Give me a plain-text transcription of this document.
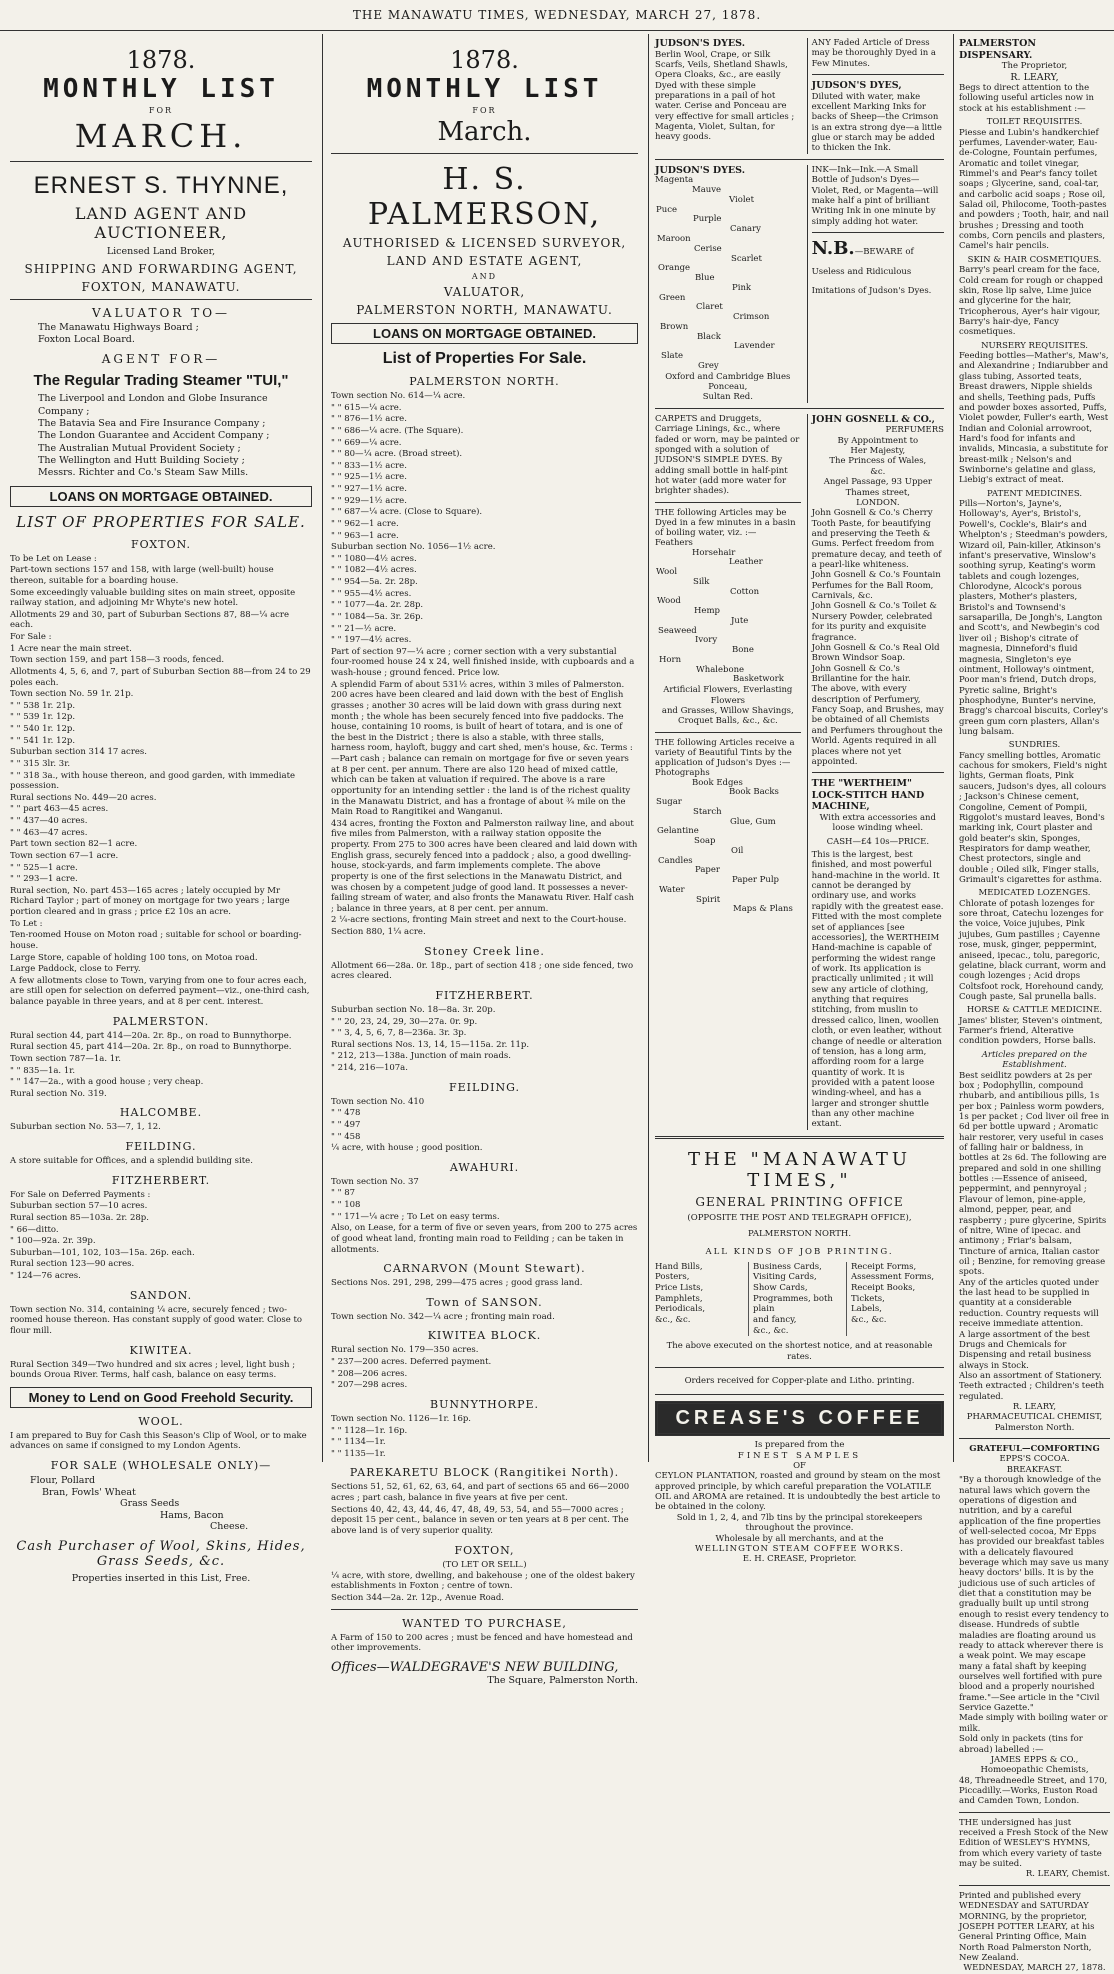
THE MANAWATU TIMES, WEDNESDAY, MARCH 27, 1878.
1878.
MONTHLY LIST
FOR
MARCH.
ERNEST S. THYNNE,
LAND AGENT AND AUCTIONEER,
Licensed Land Broker,
SHIPPING AND FORWARDING AGENT,
FOXTON, MANAWATU.
VALUATOR TO—
The Manawatu Highways Board ;
Foxton Local Board.
AGENT FOR—
The Regular Trading Steamer "TUI,"
The Liverpool and London and Globe Insurance Company ;
The Batavia Sea and Fire Insurance Company ;
The London Guarantee and Accident Company ;
The Australian Mutual Provident Society ;
The Wellington and Hutt Building Society ;
Messrs. Richter and Co.'s Steam Saw Mills.
LOANS ON MORTGAGE OBTAINED.
LIST OF PROPERTIES FOR SALE.
FOXTON.
To be Let on Lease :
Part-town sections 157 and 158, with large (well-built) house thereon, suitable for a boarding house.
Some exceedingly valuable building sites on main street, opposite railway station, and adjoining Mr Whyte's new hotel.
Allotments 29 and 30, part of Suburban Sections 87, 88—¼ acre each.
For Sale :
1 Acre near the main street.
Town section 159, and part 158—3 roods, fenced.
Allotments 4, 5, 6, and 7, part of Suburban Section 88—from 24 to 29 poles each.
Town section No. 59 1r. 21p.
" " 538 1r. 21p.
" " 539 1r. 12p.
" " 540 1r. 12p.
" " 541 1r. 12p.
Suburban section 314 17 acres.
" " 315 3lr. 3r.
" " 318 3a., with house thereon, and good garden, with immediate possession.
Rural sections No. 449—20 acres.
" " part 463—45 acres.
" " 437—40 acres.
" " 463—47 acres.
Part town section 82—1 acre.
Town section 67—1 acre.
" " 525—1 acre.
" " 293—1 acre.
Rural section, No. part 453—165 acres ; lately occupied by Mr Richard Taylor ; part of money on mortgage for two years ; large portion cleared and in grass ; price £2 10s an acre.
To Let :
Ten-roomed House on Moton road ; suitable for school or boarding-house.
Large Store, capable of holding 100 tons, on Motoa road.
Large Paddock, close to Ferry.
A few allotments close to Town, varying from one to four acres each, are still open for selection on deferred payment—viz., one-third cash, balance payable in three years, and at 8 per cent. interest.
PALMERSTON.
Rural section 44, part 414—20a. 2r. 8p., on road to Bunnythorpe.
Rural section 45, part 414—20a. 2r. 8p., on road to Bunnythorpe.
Town section 787—1a. 1r.
" " 835—1a. 1r.
" " 147—2a., with a good house ; very cheap.
Rural section No. 319.
HALCOMBE.
Suburban section No. 53—7, 1, 12.
FEILDING.
A store suitable for Offices, and a splendid building site.
FITZHERBERT.
For Sale on Deferred Payments :
Suburban section 57—10 acres.
Rural section 85—103a. 2r. 28p.
" 66—ditto.
" 100—92a. 2r. 39p.
Suburban—101, 102, 103—15a. 26p. each.
Rural section 123—90 acres.
" 124—76 acres.
SANDON.
Town section No. 314, containing ¼ acre, securely fenced ; two-roomed house thereon. Has constant supply of good water. Close to flour mill.
KIWITEA.
Rural Section 349—Two hundred and six acres ; level, light bush ; bounds Oroua River. Terms, half cash, balance on easy terms.
Money to Lend on Good Freehold Security.
WOOL.
I am prepared to Buy for Cash this Season's Clip of Wool, or to make advances on same if consigned to my London Agents.
FOR SALE (WHOLESALE ONLY)—
Flour, Pollard
Bran, Fowls' Wheat
Grass Seeds
Hams, Bacon
Cheese.
Cash Purchaser of Wool, Skins, Hides, Grass Seeds, &c.
Properties inserted in this List, Free.
1878.
MONTHLY LIST
FOR
March.
H. S. PALMERSON,
AUTHORISED & LICENSED SURVEYOR,
LAND AND ESTATE AGENT,
AND
VALUATOR,
PALMERSTON NORTH, MANAWATU.
LOANS ON MORTGAGE OBTAINED.
List of Properties For Sale.
PALMERSTON NORTH.
Town section No. 614—¼ acre.
" " 615—¼ acre.
" " 876—1½ acre.
" " 686—¼ acre. (The Square).
" " 669—¼ acre.
" " 80—¼ acre. (Broad street).
" " 833—1½ acre.
" " 925—1½ acre.
" " 927—1½ acre.
" " 929—1½ acre.
" " 687—¼ acre. (Close to Square).
" " 962—1 acre.
" " 963—1 acre.
Suburban section No. 1056—1½ acre.
" " 1080—4½ acres.
" " 1082—4½ acres.
" " 954—5a. 2r. 28p.
" " 955—4½ acres.
" " 1077—4a. 2r. 28p.
" " 1084—5a. 3r. 26p.
" " 21—½ acre.
" " 197—4½ acres.
Part of section 97—¼ acre ; corner section with a very substantial four-roomed house 24 x 24, well finished inside, with cupboards and a wash-house ; ground fenced. Price low.
A splendid Farm of about 531½ acres, within 3 miles of Palmerston. 200 acres have been cleared and laid down with the best of English grasses ; another 30 acres will be laid down with grass during next month ; the whole has been securely fenced into five paddocks. The house, containing 10 rooms, is built of heart of totara, and is one of the best in the District ; there is also a stable, with three stalls, harness room, hayloft, buggy and cart shed, men's house, &c. Terms :—Part cash ; balance can remain on mortgage for five or seven years at 8 per cent. per annum. There are also 120 head of mixed cattle, which can be taken at valuation if required. The above is a rare opportunity for an intending settler : the land is of the richest quality in the Manawatu District, and has a frontage of about ¾ mile on the Main Road to Rangitikei and Wanganui.
434 acres, fronting the Foxton and Palmerston railway line, and about five miles from Palmerston, with a railway station opposite the property. From 275 to 300 acres have been cleared and laid down with English grass, securely fenced into a paddock ; also, a good dwelling-house, stock-yards, and farm implements complete. The above property is one of the first selections in the Manawatu District, and was chosen by a competent judge of good land. It possesses a never-failing stream of water, and also fronts the Manawatu River. Half cash ; balance in three years, at 8 per cent. per annum.
2 ¼-acre sections, fronting Main street and next to the Court-house.
Section 880, 1¼ acre.
Stoney Creek line.
Allotment 66—28a. 0r. 18p., part of section 418 ; one side fenced, two acres cleared.
FITZHERBERT.
Suburban section No. 18—8a. 3r. 20p.
" " 20, 23, 24, 29, 30—27a. 0r. 9p.
" " 3, 4, 5, 6, 7, 8—236a. 3r. 3p.
Rural sections Nos. 13, 14, 15—115a. 2r. 11p.
" 212, 213—138a. Junction of main roads.
" 214, 216—107a.
FEILDING.
Town section No. 410
" " 478
" " 497
" " 458
¼ acre, with house ; good position.
AWAHURI.
Town section No. 37
" " 87
" " 108
" " 171—¼ acre ; To Let on easy terms.
Also, on Lease, for a term of five or seven years, from 200 to 275 acres of good wheat land, fronting main road to Feilding ; can be taken in allotments.
CARNARVON (Mount Stewart).
Sections Nos. 291, 298, 299—475 acres ; good grass land.
Town of SANSON.
Town section No. 342—¼ acre ; fronting main road.
KIWITEA BLOCK.
Rural section No. 179—350 acres.
" 237—200 acres. Deferred payment.
" 208—206 acres.
" 207—298 acres.
BUNNYTHORPE.
Town section No. 1126—1r. 16p.
" " 1128—1r. 16p.
" " 1134—1r.
" " 1135—1r.
PAREKARETU BLOCK (Rangitikei North).
Sections 51, 52, 61, 62, 63, 64, and part of sections 65 and 66—2000 acres ; part cash, balance in five years at five per cent.
Sections 40, 42, 43, 44, 46, 47, 48, 49, 53, 54, and 55—7000 acres ; deposit 15 per cent., balance in seven or ten years at 8 per cent. The above land is of very superior quality.
FOXTON,
(TO LET OR SELL.)
¼ acre, with store, dwelling, and bakehouse ; one of the oldest bakery establishments in Foxton ; centre of town.
Section 344—2a. 2r. 12p., Avenue Road.
WANTED TO PURCHASE,
A Farm of 150 to 200 acres ; must be fenced and have homestead and other improvements.
Offices—WALDEGRAVE'S NEW BUILDING,
The Square, Palmerston North.
JUDSON'S DYES.
Berlin Wool, Crape, or Silk Scarfs, Veils, Shetland Shawls, Opera Cloaks, &c., are easily Dyed with these simple preparations in a pail of hot water. Cerise and Ponceau are very effective for small articles ; Magenta, Violet, Sultan, for heavy goods.
ANY Faded Article of Dress may be thoroughly Dyed in a Few Minutes.
JUDSON'S DYES,
Diluted with water, make excellent Marking Inks for backs of Sheep—the Crimson is an extra strong dye—a little glue or starch may be added to thicken the Ink.
JUDSON'S DYES.
Magenta
Mauve
Violet
Puce
Purple
Canary
Maroon
Cerise
Scarlet
Orange
Blue
Pink
Green
Claret
Crimson
Brown
Black
Lavender
Slate
Grey
Oxford and Cambridge Blues Ponceau,
Sultan Red.
INK—Ink—Ink.—A Small Bottle of Judson's Dyes—Violet, Red, or Magenta—will make half a pint of brilliant Writing Ink in one minute by simply adding hot water.
N.B.—BEWARE of Useless and Ridiculous Imitations of Judson's Dyes.
CARPETS and Druggets, Carriage Linings, &c., where faded or worn, may be painted or sponged with a solution of JUDSON'S SIMPLE DYES. By adding small bottle in half-pint hot water (add more water for brighter shades).
THE following Articles may be Dyed in a few minutes in a basin of boiling water, viz. :—
Feathers
Horsehair
Leather
Wool
Silk
Cotton
Wood
Hemp
Jute
Seaweed
Ivory
Bone
Horn
Whalebone
Basketwork
Artificial Flowers, Everlasting Flowers
and Grasses, Willow Shavings,
Croquet Balls, &c., &c.
THE following Articles receive a variety of Beautiful Tints by the application of Judson's Dyes :—
Photographs
Book Edges
Book Backs
Sugar
Starch
Glue, Gum
Gelantine
Soap
Oil
Candles
Paper
Paper Pulp
Water
Spirit
Maps & Plans
JOHN GOSNELL & CO.,
PERFUMERS
By Appointment to
Her Majesty,
The Princess of Wales,
&c.
Angel Passage, 93 Upper Thames street,
LONDON.
John Gosnell & Co.'s Cherry Tooth Paste, for beautifying and preserving the Teeth & Gums. Perfect freedom from premature decay, and teeth of a pearl-like whiteness.
John Gosnell & Co.'s Fountain Perfumes for the Ball Room, Carnivals, &c.
John Gosnell & Co.'s Toilet & Nursery Powder, celebrated for its purity and exquisite fragrance.
John Gosnell & Co.'s Real Old Brown Windsor Soap.
John Gosnell & Co.'s Brillantine for the hair.
The above, with every description of Perfumery, Fancy Soap, and Brushes, may be obtained of all Chemists and Perfumers throughout the World. Agents required in all places where not yet appointed.
THE "WERTHEIM" LOCK-STITCH HAND MACHINE,
With extra accessories and loose winding wheel.
CASH—£4 10s—PRICE.
This is the largest, best finished, and most powerful hand-machine in the world. It cannot be deranged by ordinary use, and works rapidly with the greatest ease. Fitted with the most complete set of appliances [see accessories], the WERTHEIM Hand-machine is capable of performing the widest range of work. Its application is practically unlimited ; it will sew any article of clothing, anything that requires stitching, from muslin to dressed calico, linen, woollen cloth, or even leather, without change of needle or alteration of tension, has a long arm, affording room for a large quantity of work. It is provided with a patent loose winding-wheel, and has a larger and stronger shuttle than any other machine extant.
THE "MANAWATU TIMES,"
GENERAL PRINTING OFFICE
(OPPOSITE THE POST AND TELEGRAPH OFFICE),
PALMERSTON NORTH.
ALL KINDS OF JOB PRINTING.
Hand Bills,
Posters,
Price Lists,
Pamphlets,
Periodicals,
&c., &c.
Business Cards,
Visiting Cards,
Show Cards,
Programmes, both plain
and fancy,
&c., &c.
Receipt Forms,
Assessment Forms,
Receipt Books,
Tickets,
Labels,
&c., &c.
The above executed on the shortest notice, and at reasonable rates.
Orders received for Copper-plate and Litho. printing.
CREASE'S COFFEE
Is prepared from the
FINEST SAMPLES
OF
CEYLON PLANTATION, roasted and ground by steam on the most approved principle, by which careful preparation the VOLATILE OIL and AROMA are retained. It is undoubtedly the best article to be obtained in the colony.
Sold in 1, 2, 4, and 7lb tins by the principal storekeepers throughout the province.
Wholesale by all merchants, and at the
WELLINGTON STEAM COFFEE WORKS.
E. H. CREASE, Proprietor.
PALMERSTON DISPENSARY.
The Proprietor,
R. LEARY,
Begs to direct attention to the following useful articles now in stock at his establishment :—
TOILET REQUISITES.
Piesse and Lubin's handkerchief perfumes, Lavender-water, Eau-de-Cologne, Fountain perfumes, Aromatic and toilet vinegar, Rimmel's and Pear's fancy toilet soaps ; Glycerine, sand, coal-tar, and carbolic acid soaps ; Rose oil, Salad oil, Philocome, Tooth-pastes and powders ; Tooth, hair, and nail brushes ; Dressing and tooth combs, Corn pencils and plasters, Camel's hair pencils.
SKIN & HAIR COSMETIQUES.
Barry's pearl cream for the face, Cold cream for rough or chapped skin, Rose lip salve, Lime juice and glycerine for the hair, Tricopherous, Ayer's hair vigour, Barry's hair-dye, Fancy cosmetiques.
NURSERY REQUISITES.
Feeding bottles—Mather's, Maw's, and Alexandrine ; Indiarubber and glass tubing, Assorted teats, Breast drawers, Nipple shields and shells, Teething pads, Puffs and powder boxes assorted, Puffs, Violet powder, Fuller's earth, West Indian and Colonial arrowroot, Hard's food for infants and invalids, Mincasia, a substitute for breast-milk ; Nelson's and Swinborne's gelatine and glass, Liebig's extract of meat.
PATENT MEDICINES.
Pills—Norton's, Jayne's, Holloway's, Ayer's, Bristol's, Powell's, Cockle's, Blair's and Whelpton's ; Steedman's powders, Wizard oil, Pain-killer, Atkinson's infant's preservative, Winslow's soothing syrup, Keating's worm tablets and cough lozenges, Chlorodyne, Alcock's porous plasters, Mother's plasters, Bristol's and Townsend's sarsaparilla, De Jongh's, Langton and Scott's, and Newbegin's cod liver oil ; Bishop's citrate of magnesia, Dinneford's fluid magnesia, Singleton's eye ointment, Holloway's ointment, Poor man's friend, Dutch drops, Pyretic saline, Bright's phosphodyne, Bunter's nervine, Bragg's charcoal biscuits, Corley's green gum corn plasters, Allan's lung balsam.
SUNDRIES.
Fancy smelling bottles, Aromatic cachous for smokers, Field's night lights, German floats, Pink saucers, Judson's dyes, all colours ; Jackson's Chinese cement, Congoline, Cement of Pompii, Riggolot's mustard leaves, Bond's marking ink, Court plaster and gold beater's skin, Sponges, Respirators for damp weather, Chest protectors, single and double ; Oiled silk, Finger stalls, Grimault's cigarettes for asthma.
MEDICATED LOZENGES.
Chlorate of potash lozenges for sore throat, Catechu lozenges for the voice, Voice jujubes, Pink jujubes, Gum pastilles ; Cayenne rose, musk, ginger, peppermint, aniseed, ipecac., tolu, paregoric, gelatine, black currant, worm and cough lozenges ; Acid drops Coltsfoot rock, Horehound candy, Cough paste, Sal prunella balls.
HORSE & CATTLE MEDICINE.
James' blister, Steven's ointment, Farmer's friend, Alterative condition powders, Horse balls.
Articles prepared on the Establishment.
Best seidlitz powders at 2s per box ; Podophyllin, compound rhubarb, and antibilious pills, 1s per box ; Painless worm powders, 1s per packet ; Cod liver oil free in 6d per bottle upward ; Aromatic hair restorer, very useful in cases of falling hair or baldness, in bottles at 2s 6d. The following are prepared and sold in one shilling bottles :—Essence of aniseed, peppermint, and pennyroyal ; Flavour of lemon, pine-apple, almond, pepper, pear, and raspberry ; pure glycerine, Spirits of nitre, Wine of ipecac. and antimony ; Friar's balsam, Tincture of arnica, Italian castor oil ; Benzine, for removing grease spots.
Any of the articles quoted under the last head to be supplied in quantity at a considerable reduction. Country requests will receive immediate attention.
A large assortment of the best Drugs and Chemicals for Dispensing and retail business always in Stock.
Also an assortment of Stationery.
Teeth extracted ; Children's teeth regulated.
R. LEARY,
PHARMACEUTICAL CHEMIST,
Palmerston North.
GRATEFUL—COMFORTING
EPPS'S COCOA.
BREAKFAST.
"By a thorough knowledge of the natural laws which govern the operations of digestion and nutrition, and by a careful application of the fine properties of well-selected cocoa, Mr Epps has provided our breakfast tables with a delicately flavoured beverage which may save us many heavy doctors' bills. It is by the judicious use of such articles of diet that a constitution may be gradually built up until strong enough to resist every tendency to disease. Hundreds of subtle maladies are floating around us ready to attack wherever there is a weak point. We may escape many a fatal shaft by keeping ourselves well fortified with pure blood and a properly nourished frame."—See article in the "Civil Service Gazette."
Made simply with boiling water or milk.
Sold only in packets (tins for abroad) labelled :—
JAMES EPPS & CO.,
Homoeopathic Chemists,
48, Threadneedle Street, and 170, Piccadilly.—Works, Euston Road and Camden Town, London.
THE undersigned has just received a Fresh Stock of the New Edition of WESLEY'S HYMNS, from which every variety of taste may be suited.
R. LEARY, Chemist.
Printed and published every WEDNESDAY and SATURDAY MORNING, by the proprietor, JOSEPH POTTER LEARY, at his General Printing Office, Main North Road Palmerston North, New Zealand.
WEDNESDAY, MARCH 27, 1878.
